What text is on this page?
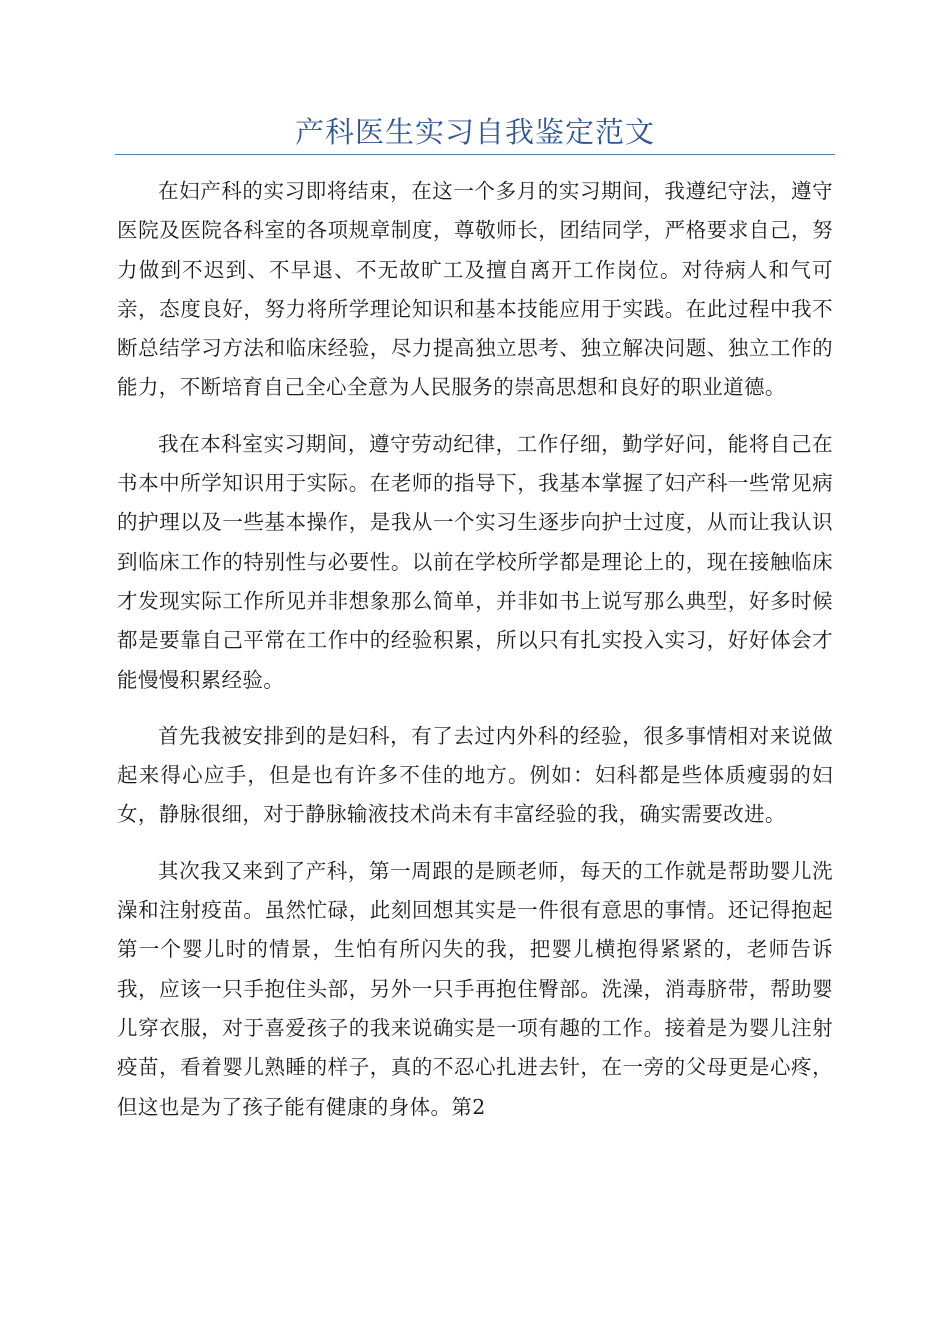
产科医生实习自我鉴定范文

在妇产科的实习即将结束，在这一个多月的实习期间，我遵纪守法，遵守医院及医院各科室的各项规章制度，尊敬师长，团结同学，严格要求自己，努力做到不迟到、不早退、不无故旷工及擅自离开工作岗位。对待病人和气可亲，态度良好，努力将所学理论知识和基本技能应用于实践。在此过程中我不断总结学习方法和临床经验，尽力提高独立思考、独立解决问题、独立工作的能力，不断培育自己全心全意为人民服务的崇高思想和良好的职业道德。

我在本科室实习期间，遵守劳动纪律，工作仔细，勤学好问，能将自己在书本中所学知识用于实际。在老师的指导下，我基本掌握了妇产科一些常见病的护理以及一些基本操作，是我从一个实习生逐步向护士过度，从而让我认识到临床工作的特别性与必要性。以前在学校所学都是理论上的，现在接触临床才发现实际工作所见并非想象那么简单，并非如书上说写那么典型，好多时候都是要靠自己平常在工作中的经验积累，所以只有扎实投入实习，好好体会才能慢慢积累经验。

首先我被安排到的是妇科，有了去过内外科的经验，很多事情相对来说做起来得心应手，但是也有许多不佳的地方。例如：妇科都是些体质瘦弱的妇女，静脉很细，对于静脉输液技术尚未有丰富经验的我，确实需要改进。

其次我又来到了产科，第一周跟的是顾老师，每天的工作就是帮助婴儿洗澡和注射疫苗。虽然忙碌，此刻回想其实是一件很有意思的事情。还记得抱起第一个婴儿时的情景，生怕有所闪失的我，把婴儿横抱得紧紧的，老师告诉我，应该一只手抱住头部，另外一只手再抱住臀部。洗澡，消毒脐带，帮助婴儿穿衣服，对于喜爱孩子的我来说确实是一项有趣的工作。接着是为婴儿注射疫苗，看着婴儿熟睡的样子，真的不忍心扎进去针，在一旁的父母更是心疼，但这也是为了孩子能有健康的身体。第2
